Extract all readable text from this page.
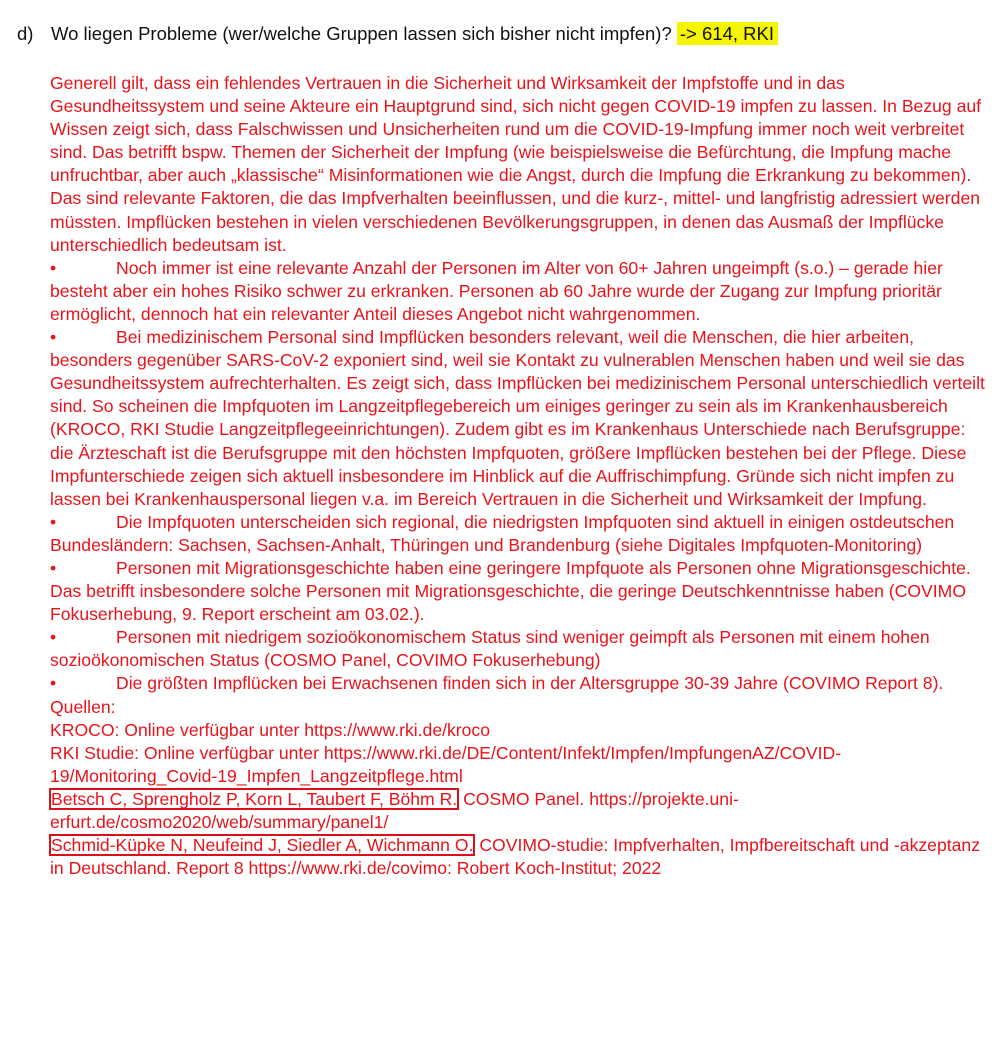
d) Wo liegen Probleme (wer/welche Gruppen lassen sich bisher nicht impfen)? -> 614, RKI

Generell gilt, dass ein fehlendes Vertrauen in die Sicherheit und Wirksamkeit der Impfstoffe und in das Gesundheitssystem und seine Akteure ein Hauptgrund sind, sich nicht gegen COVID-19 impfen zu lassen. In Bezug auf Wissen zeigt sich, dass Falschwissen und Unsicherheiten rund um die COVID-19-Impfung immer noch weit verbreitet sind. Das betrifft bspw. Themen der Sicherheit der Impfung (wie beispielsweise die Befürchtung, die Impfung mache unfruchtbar, aber auch „klassische“ Misinformationen wie die Angst, durch die Impfung die Erkrankung zu bekommen). Das sind relevante Faktoren, die das Impfverhalten beeinflussen, und die kurz-, mittel- und langfristig adressiert werden müssten. Impflücken bestehen in vielen verschiedenen Bevölkerungsgruppen, in denen das Ausmaß der Impflücke unterschiedlich bedeutsam ist.

•	Noch immer ist eine relevante Anzahl der Personen im Alter von 60+ Jahren ungeimpft (s.o.) – gerade hier besteht aber ein hohes Risiko schwer zu erkranken. Personen ab 60 Jahre wurde der Zugang zur Impfung prioritär ermöglicht, dennoch hat ein relevanter Anteil dieses Angebot nicht wahrgenommen.

•	Bei medizinischem Personal sind Impflücken besonders relevant, weil die Menschen, die hier arbeiten, besonders gegenüber SARS-CoV-2 exponiert sind, weil sie Kontakt zu vulnerablen Menschen haben und weil sie das Gesundheitssystem aufrechterhalten. Es zeigt sich, dass Impflücken bei medizinischem Personal unterschiedlich verteilt sind. So scheinen die Impfquoten im Langzeitpflegebereich um einiges geringer zu sein als im Krankenhausbereich (KROCO, RKI Studie Langzeitpflegeeinrichtungen). Zudem gibt es im Krankenhaus Unterschiede nach Berufsgruppe: die Ärzteschaft ist die Berufsgruppe mit den höchsten Impfquoten, größere Impflücken bestehen bei der Pflege. Diese Impfunterschiede zeigen sich aktuell insbesondere im Hinblick auf die Auffrischimpfung. Gründe sich nicht impfen zu lassen bei Krankenhauspersonal liegen v.a. im Bereich Vertrauen in die Sicherheit und Wirksamkeit der Impfung.

•	Die Impfquoten unterscheiden sich regional, die niedrigsten Impfquoten sind aktuell in einigen ostdeutschen Bundesländern: Sachsen, Sachsen-Anhalt, Thüringen und Brandenburg (siehe Digitales Impfquoten-Monitoring)

•	Personen mit Migrationsgeschichte haben eine geringere Impfquote als Personen ohne Migrationsgeschichte. Das betrifft insbesondere solche Personen mit Migrationsgeschichte, die geringe Deutschkenntnisse haben (COVIMO Fokuserhebung, 9. Report erscheint am 03.02.).

•	Personen mit niedrigem sozioökonomischem Status sind weniger geimpft als Personen mit einem hohen sozioökonomischen Status (COSMO Panel, COVIMO Fokuserhebung)

•	Die größten Impflücken bei Erwachsenen finden sich in der Altersgruppe 30-39 Jahre (COVIMO Report 8).

Quellen:

KROCO: Online verfügbar unter https://www.rki.de/kroco

RKI Studie: Online verfügbar unter https://www.rki.de/DE/Content/Infekt/Impfen/ImpfungenAZ/COVID-19/Monitoring_Covid-19_Impfen_Langzeitpflege.html

Betsch C, Sprengholz P, Korn L, Taubert F, Böhm R. COSMO Panel. https://projekte.uni-erfurt.de/cosmo2020/web/summary/panel1/

Schmid-Küpke N, Neufeind J, Siedler A, Wichmann O. COVIMO-studie: Impfverhalten, Impfbereitschaft und -akzeptanz in Deutschland. Report 8 https://www.rki.de/covimo: Robert Koch-Institut; 2022
